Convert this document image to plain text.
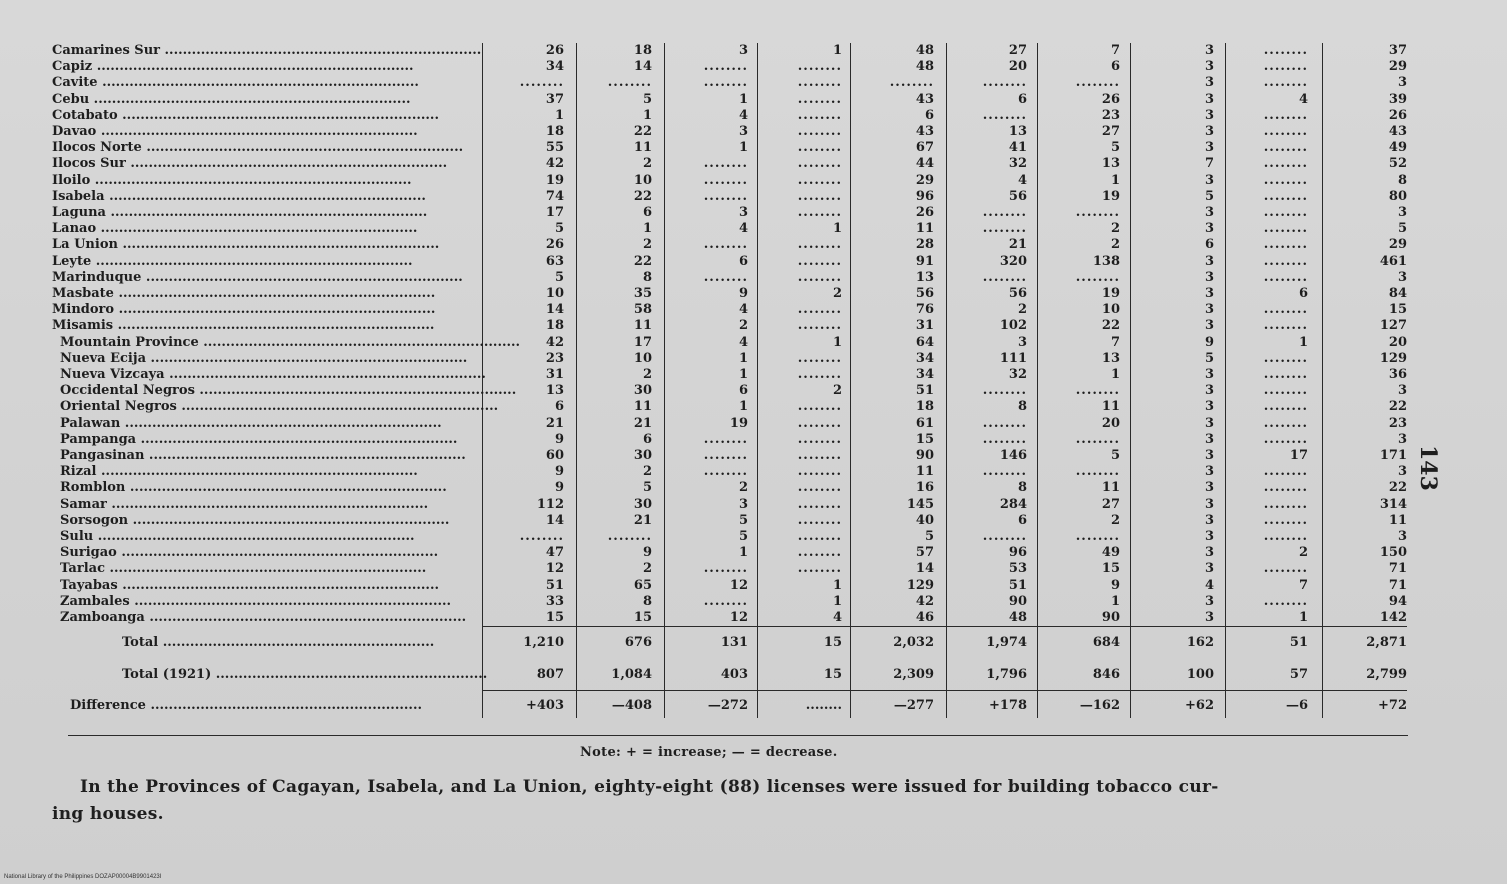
Camarines Sur ......................................................................	26	18	3	1	48	27	7	3	........	37
Capiz ......................................................................	34	14	........	........	48	20	6	3	........	29
Cavite ......................................................................	........	........	........	........	........	........	........	3	........	3
Cebu ......................................................................	37	5	1	........	43	6	26	3	4	39
Cotabato ......................................................................	1	1	4	........	6	........	23	3	........	26
Davao ......................................................................	18	22	3	........	43	13	27	3	........	43
Ilocos Norte ......................................................................	55	11	1	........	67	41	5	3	........	49
Ilocos Sur ......................................................................	42	2	........	........	44	32	13	7	........	52
Iloilo ......................................................................	19	10	........	........	29	4	1	3	........	8
Isabela ......................................................................	74	22	........	........	96	56	19	5	........	80
Laguna ......................................................................	17	6	3	........	26	........	........	3	........	3
Lanao ......................................................................	5	1	4	1	11	........	2	3	........	5
La Union ......................................................................	26	2	........	........	28	21	2	6	........	29
Leyte ......................................................................	63	22	6	........	91	320	138	3	........	461
Marinduque ......................................................................	5	8	........	........	13	........	........	3	........	3
Masbate ......................................................................	10	35	9	2	56	56	19	3	6	84
Mindoro ......................................................................	14	58	4	........	76	2	10	3	........	15
Misamis ......................................................................	18	11	2	........	31	102	22	3	........	127
Mountain Province ......................................................................	42	17	4	1	64	3	7	9	1	20
Nueva Ecija ......................................................................	23	10	1	........	34	111	13	5	........	129
Nueva Vizcaya ......................................................................	31	2	1	........	34	32	1	3	........	36
Occidental Negros ......................................................................	13	30	6	2	51	........	........	3	........	3
Oriental Negros ......................................................................	6	11	1	........	18	8	11	3	........	22
Palawan ......................................................................	21	21	19	........	61	........	20	3	........	23
Pampanga ......................................................................	9	6	........	........	15	........	........	3	........	3
Pangasinan ......................................................................	60	30	........	........	90	146	5	3	17	171
Rizal ......................................................................	9	2	........	........	11	........	........	3	........	3
Romblon ......................................................................	9	5	2	........	16	8	11	3	........	22
Samar ......................................................................	112	30	3	........	145	284	27	3	........	314
Sorsogon ......................................................................	14	21	5	........	40	6	2	3	........	11
Sulu ......................................................................	........	........	5	........	5	........	........	3	........	3
Surigao ......................................................................	47	9	1	........	57	96	49	3	2	150
Tarlac ......................................................................	12	2	........	........	14	53	15	3	........	71
Tayabas ......................................................................	51	65	12	1	129	51	9	4	7	71
Zambales ......................................................................	33	8	........	1	42	90	1	3	........	94
Zamboanga ......................................................................	15	15	12	4	46	48	90	3	1	142
Total ............................................................	1,210	676	131	15	2,032	1,974	684	162	51	2,871
Total (1921) ............................................................	807	1,084	403	15	2,309	1,796	846	100	57	2,799
Difference ............................................................	+403	—408	—272	........	—277	+178	—162	+62	—6	+72
Note: + = increase; — = decrease.
In the Provinces of Cagayan, Isabela, and La Union, eighty-eight (88) licenses were issued for building tobacco cur-
ing houses.
143
National Library of the Philippines DOZAP00004B9901423I
